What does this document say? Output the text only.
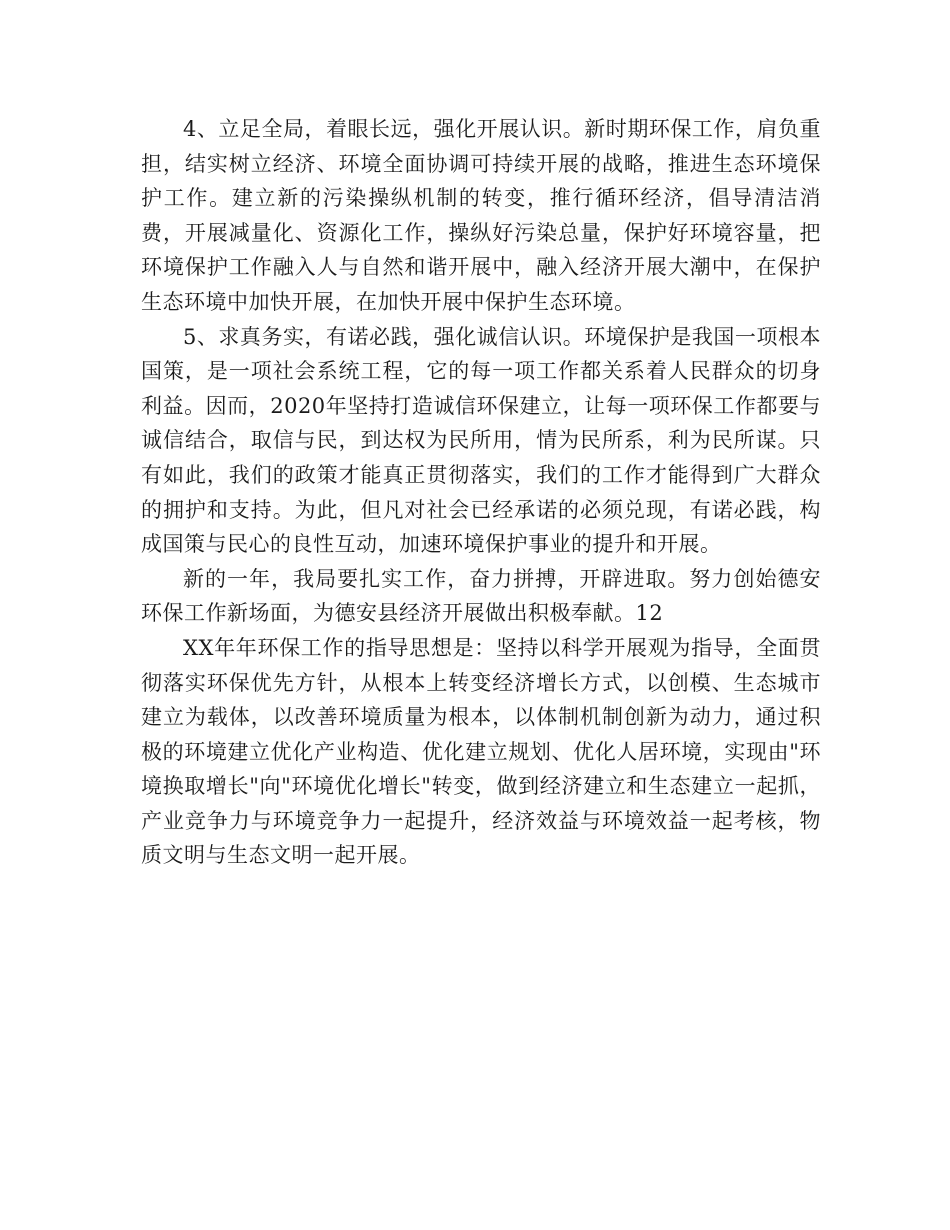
4、立足全局，着眼长远，强化开展认识。新时期环保工作，肩负重担，结实树立经济、环境全面协调可持续开展的战略，推进生态环境保护工作。建立新的污染操纵机制的转变，推行循环经济，倡导清洁消费，开展减量化、资源化工作，操纵好污染总量，保护好环境容量，把环境保护工作融入人与自然和谐开展中，融入经济开展大潮中，在保护生态环境中加快开展，在加快开展中保护生态环境。

5、求真务实，有诺必践，强化诚信认识。环境保护是我国一项根本国策，是一项社会系统工程，它的每一项工作都关系着人民群众的切身利益。因而，2020年坚持打造诚信环保建立，让每一项环保工作都要与诚信结合，取信与民，到达权为民所用，情为民所系，利为民所谋。只有如此，我们的政策才能真正贯彻落实，我们的工作才能得到广大群众的拥护和支持。为此，但凡对社会已经承诺的必须兑现，有诺必践，构成国策与民心的良性互动，加速环境保护事业的提升和开展。

新的一年，我局要扎实工作，奋力拼搏，开辟进取。努力创始德安环保工作新场面，为德安县经济开展做出积极奉献。12

XX年年环保工作的指导思想是：坚持以科学开展观为指导，全面贯彻落实环保优先方针，从根本上转变经济增长方式，以创模、生态城市建立为载体，以改善环境质量为根本，以体制机制创新为动力，通过积极的环境建立优化产业构造、优化建立规划、优化人居环境，实现由"环境换取增长"向"环境优化增长"转变，做到经济建立和生态建立一起抓，产业竞争力与环境竞争力一起提升，经济效益与环境效益一起考核，物质文明与生态文明一起开展。
